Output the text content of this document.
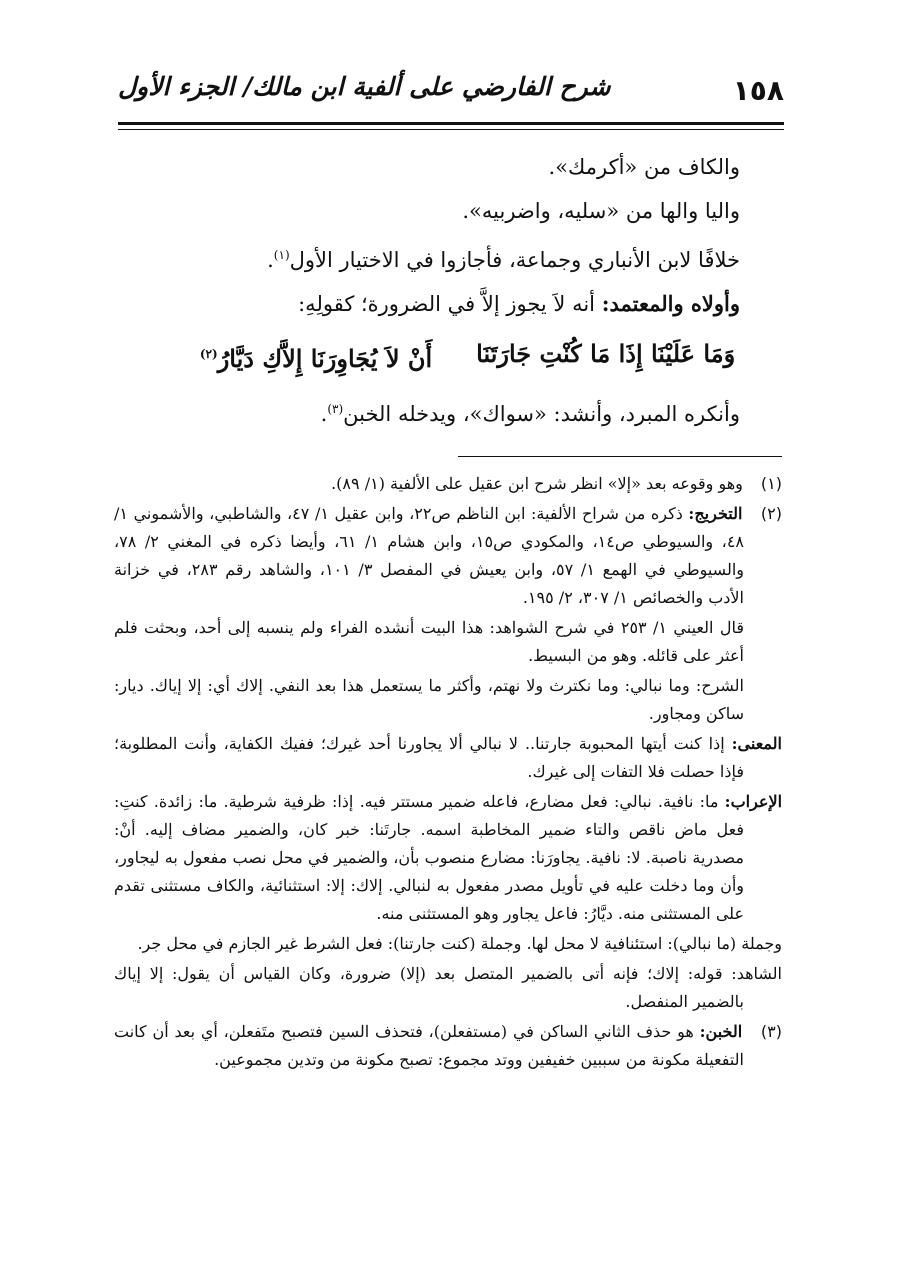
١٥٨
شرح الفارضي على ألفية ابن مالك/ الجزء الأول
والكاف من «أكرمك».
واليا والها من «سليه، واضربيه».
خلافًا لابن الأنباري وجماعة، فأجازوا في الاختيار الأول$^{(١)}$.
وأولاه والمعتمد: أنه لاَ يجوز إلاَّ في الضرورة؛ كقولِهِ:
وَمَا عَلَيْنَا إِذَا مَا كُنْتِ جَارَتَنَا
أَنْ لاَ يُجَاوِرَنَا إِلاَّكِ دَيَّارُ$^{(٢)}$
وأنكره المبرد، وأنشد: «سواك»، ويدخله الخبن$^{(٣)}$.
(١) وهو وقوعه بعد «إلا» انظر شرح ابن عقيل على الألفية (١/ ٨٩).
(٢) التخريج: ذكره من شراح الألفية: ابن الناظم ص٢٢، وابن عقيل ١/ ٤٧، والشاطبي، والأشموني ١/ ٤٨، والسيوطي ص١٤، والمكودي ص١٥، وابن هشام ١/ ٦١، وأيضا ذكره في المغني ٢/ ٧٨، والسيوطي في الهمع ١/ ٥٧، وابن يعيش في المفصل ٣/ ١٠١، والشاهد رقم ٢٨٣، في خزانة الأدب والخصائص ١/ ٣٠٧، ٢/ ١٩٥.
قال العيني ١/ ٢٥٣ في شرح الشواهد: هذا البيت أنشده الفراء ولم ينسبه إلى أحد، وبحثت فلم أعثر على قائله. وهو من البسيط.
الشرح: وما نبالي: وما نكترث ولا نهتم، وأكثر ما يستعمل هذا بعد النفي. إلاك أي: إلا إياك. ديار: ساكن ومجاور.
المعنى: إذا كنت أيتها المحبوبة جارتنا.. لا نبالي ألا يجاورنا أحد غيرك؛ ففيك الكفاية، وأنت المطلوبة؛ فإذا حصلت فلا التفات إلى غيرك.
الإعراب: ما: نافية. نبالي: فعل مضارع، فاعله ضمير مستتر فيه. إذا: ظرفية شرطية. ما: زائدة. كنتِ: فعل ماض ناقص والتاء ضمير المخاطبة اسمه. جارتَنا: خبر كان، والضمير مضاف إليه. أنْ: مصدرية ناصبة. لا: نافية. يجاورَنا: مضارع منصوب بأن، والضمير في محل نصب مفعول به ليجاور، وأن وما دخلت عليه في تأويل مصدر مفعول به لنبالي. إلاك: إلا: استثنائية، والكاف مستثنى تقدم على المستثنى منه. ديَّارُ: فاعل يجاور وهو المستثنى منه.
وجملة (ما نبالي): استئنافية لا محل لها. وجملة (كنت جارتنا): فعل الشرط غير الجازم في محل جر.
الشاهد: قوله: إلاك؛ فإنه أتى بالضمير المتصل بعد (إلا) ضرورة، وكان القياس أن يقول: إلا إياك بالضمير المنفصل.
(٣) الخبن: هو حذف الثاني الساكن في (مستفعلن)، فتحذف السين فتصبح متَفعلن، أي بعد أن كانت التفعيلة مكونة من سببين خفيفين ووتد مجموع: تصبح مكونة من وتدين مجموعين.
